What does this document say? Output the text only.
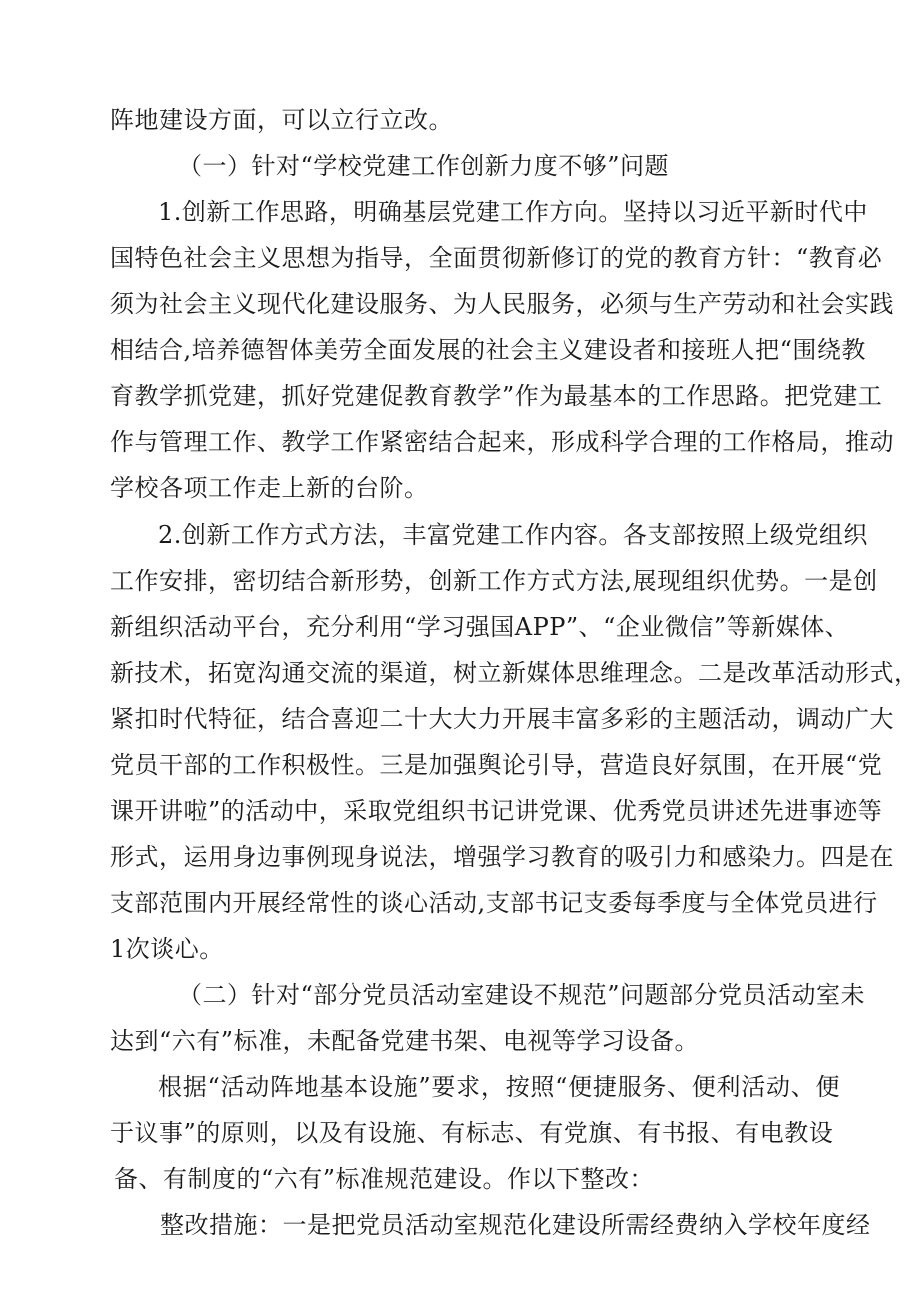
阵地建设方面，可以立行立改。
（一）针对“学校党建工作创新力度不够”问题
1.创新工作思路，明确基层党建工作方向。坚持以习近平新时代中
国特色社会主义思想为指导，全面贯彻新修订的党的教育方针：“教育必
须为社会主义现代化建设服务、为人民服务，必须与生产劳动和社会实践
相结合,培养德智体美劳全面发展的社会主义建设者和接班人把“围绕教
育教学抓党建，抓好党建促教育教学”作为最基本的工作思路。把党建工
作与管理工作、教学工作紧密结合起来，形成科学合理的工作格局，推动
学校各项工作走上新的台阶。
2.创新工作方式方法，丰富党建工作内容。各支部按照上级党组织
工作安排，密切结合新形势，创新工作方式方法,展现组织优势。一是创
新组织活动平台，充分利用“学习强国APP”、“企业微信”等新媒体、
新技术，拓宽沟通交流的渠道，树立新媒体思维理念。二是改革活动形式，
紧扣时代特征，结合喜迎二十大大力开展丰富多彩的主题活动，调动广大
党员干部的工作积极性。三是加强舆论引导，营造良好氛围，在开展“党
课开讲啦”的活动中，采取党组织书记讲党课、优秀党员讲述先进事迹等
形式，运用身边事例现身说法，增强学习教育的吸引力和感染力。四是在
支部范围内开展经常性的谈心活动,支部书记支委每季度与全体党员进行
1次谈心。
（二）针对“部分党员活动室建设不规范”问题部分党员活动室未
达到“六有”标准，未配备党建书架、电视等学习设备。
根据“活动阵地基本设施”要求，按照“便捷服务、便利活动、便
于议事”的原则，以及有设施、有标志、有党旗、有书报、有电教设
备、有制度的“六有”标准规范建设。作以下整改：
整改措施：一是把党员活动室规范化建设所需经费纳入学校年度经
